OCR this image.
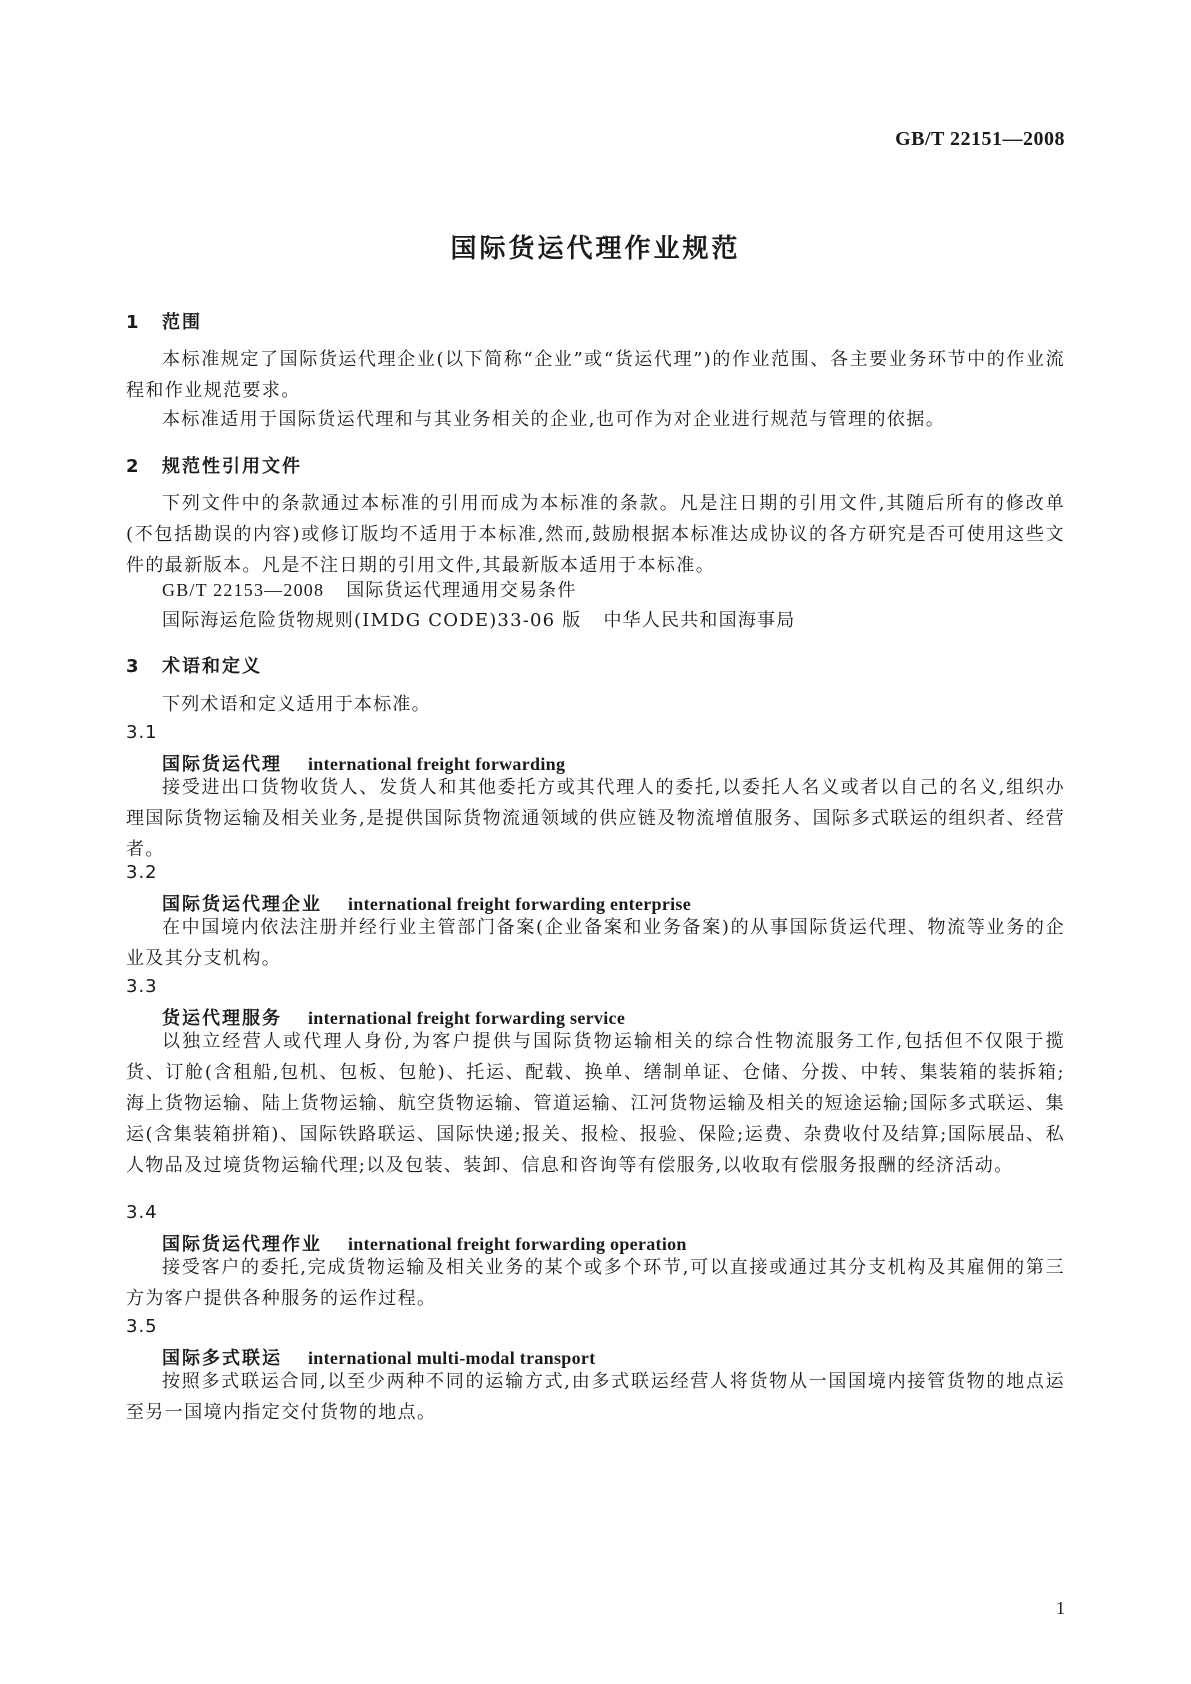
GB/T 22151—2008
国际货运代理作业规范
1 范围
本标准规定了国际货运代理企业(以下简称“企业”或“货运代理”)的作业范围、各主要业务环节中的作业流程和作业规范要求。
本标准适用于国际货运代理和与其业务相关的企业,也可作为对企业进行规范与管理的依据。
2 规范性引用文件
下列文件中的条款通过本标准的引用而成为本标准的条款。凡是注日期的引用文件,其随后所有的修改单(不包括勘误的内容)或修订版均不适用于本标准,然而,鼓励根据本标准达成协议的各方研究是否可使用这些文件的最新版本。凡是不注日期的引用文件,其最新版本适用于本标准。
GB/T 22153—2008 国际货运代理通用交易条件
国际海运危险货物规则(IMDG CODE)33-06 版 中华人民共和国海事局
3 术语和定义
下列术语和定义适用于本标准。
3.1
国际货运代理 international freight forwarding
接受进出口货物收货人、发货人和其他委托方或其代理人的委托,以委托人名义或者以自己的名义,组织办理国际货物运输及相关业务,是提供国际货物流通领域的供应链及物流增值服务、国际多式联运的组织者、经营者。
3.2
国际货运代理企业 international freight forwarding enterprise
在中国境内依法注册并经行业主管部门备案(企业备案和业务备案)的从事国际货运代理、物流等业务的企业及其分支机构。
3.3
货运代理服务 international freight forwarding service
以独立经营人或代理人身份,为客户提供与国际货物运输相关的综合性物流服务工作,包括但不仅限于揽货、订舱(含租船,包机、包板、包舱)、托运、配载、换单、缮制单证、仓储、分拨、中转、集装箱的装拆箱;海上货物运输、陆上货物运输、航空货物运输、管道运输、江河货物运输及相关的短途运输;国际多式联运、集运(含集装箱拼箱)、国际铁路联运、国际快递;报关、报检、报验、保险;运费、杂费收付及结算;国际展品、私人物品及过境货物运输代理;以及包装、装卸、信息和咨询等有偿服务,以收取有偿服务报酬的经济活动。
3.4
国际货运代理作业 international freight forwarding operation
接受客户的委托,完成货物运输及相关业务的某个或多个环节,可以直接或通过其分支机构及其雇佣的第三方为客户提供各种服务的运作过程。
3.5
国际多式联运 international multi-modal transport
按照多式联运合同,以至少两种不同的运输方式,由多式联运经营人将货物从一国国境内接管货物的地点运至另一国境内指定交付货物的地点。
1
